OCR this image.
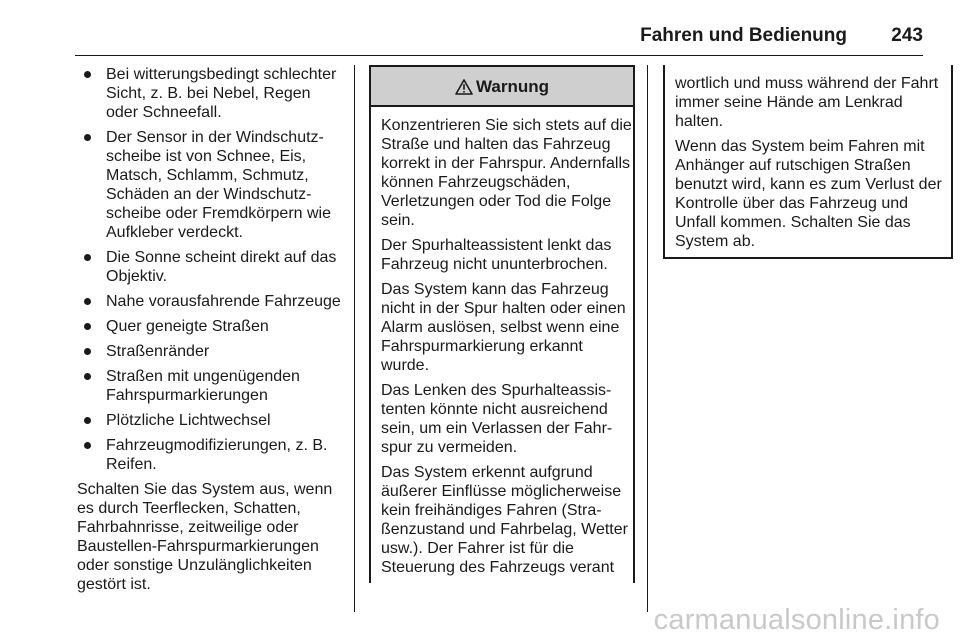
Fahren und Bedienung 243
Bei witterungsbedingt schlechter Sicht, z. B. bei Nebel, Regen oder Schneefall.
Der Sensor in der Windschutzscheibe ist von Schnee, Eis, Matsch, Schlamm, Schmutz, Schäden an der Windschutzscheibe oder Fremdkörpern wie Aufkleber verdeckt.
Die Sonne scheint direkt auf das Objektiv.
Nahe vorausfahrende Fahrzeuge
Quer geneigte Straßen
Straßenränder
Straßen mit ungenügenden Fahrspurmarkierungen
Plötzliche Lichtwechsel
Fahrzeugmodifizierungen, z. B. Reifen.

Schalten Sie das System aus, wenn es durch Teerflecken, Schatten, Fahrbahnrisse, zeitweilige oder Baustellen-Fahrspurmarkierungen oder sonstige Unzulänglichkeiten gestört ist.

Warnung

Konzentrieren Sie sich stets auf die Straße und halten das Fahrzeug korrekt in der Fahrspur. Andernfalls können Fahrzeugschäden, Verletzungen oder Tod die Folge sein.

Der Spurhalteassistent lenkt das Fahrzeug nicht ununterbrochen.

Das System kann das Fahrzeug nicht in der Spur halten oder einen Alarm auslösen, selbst wenn eine Fahrspurmarkierung erkannt wurde.

Das Lenken des Spurhalteassistenten könnte nicht ausreichend sein, um ein Verlassen der Fahrspur zu vermeiden.

Das System erkennt aufgrund äußerer Einflüsse möglicherweise kein freihändiges Fahren (Straßenzustand und Fahrbelag, Wetter usw.). Der Fahrer ist für die Steuerung des Fahrzeugs verant

wortlich und muss während der Fahrt immer seine Hände am Lenkrad halten.

Wenn das System beim Fahren mit Anhänger auf rutschigen Straßen benutzt wird, kann es zum Verlust der Kontrolle über das Fahrzeug und Unfall kommen. Schalten Sie das System ab.

carmanualsonline.info
